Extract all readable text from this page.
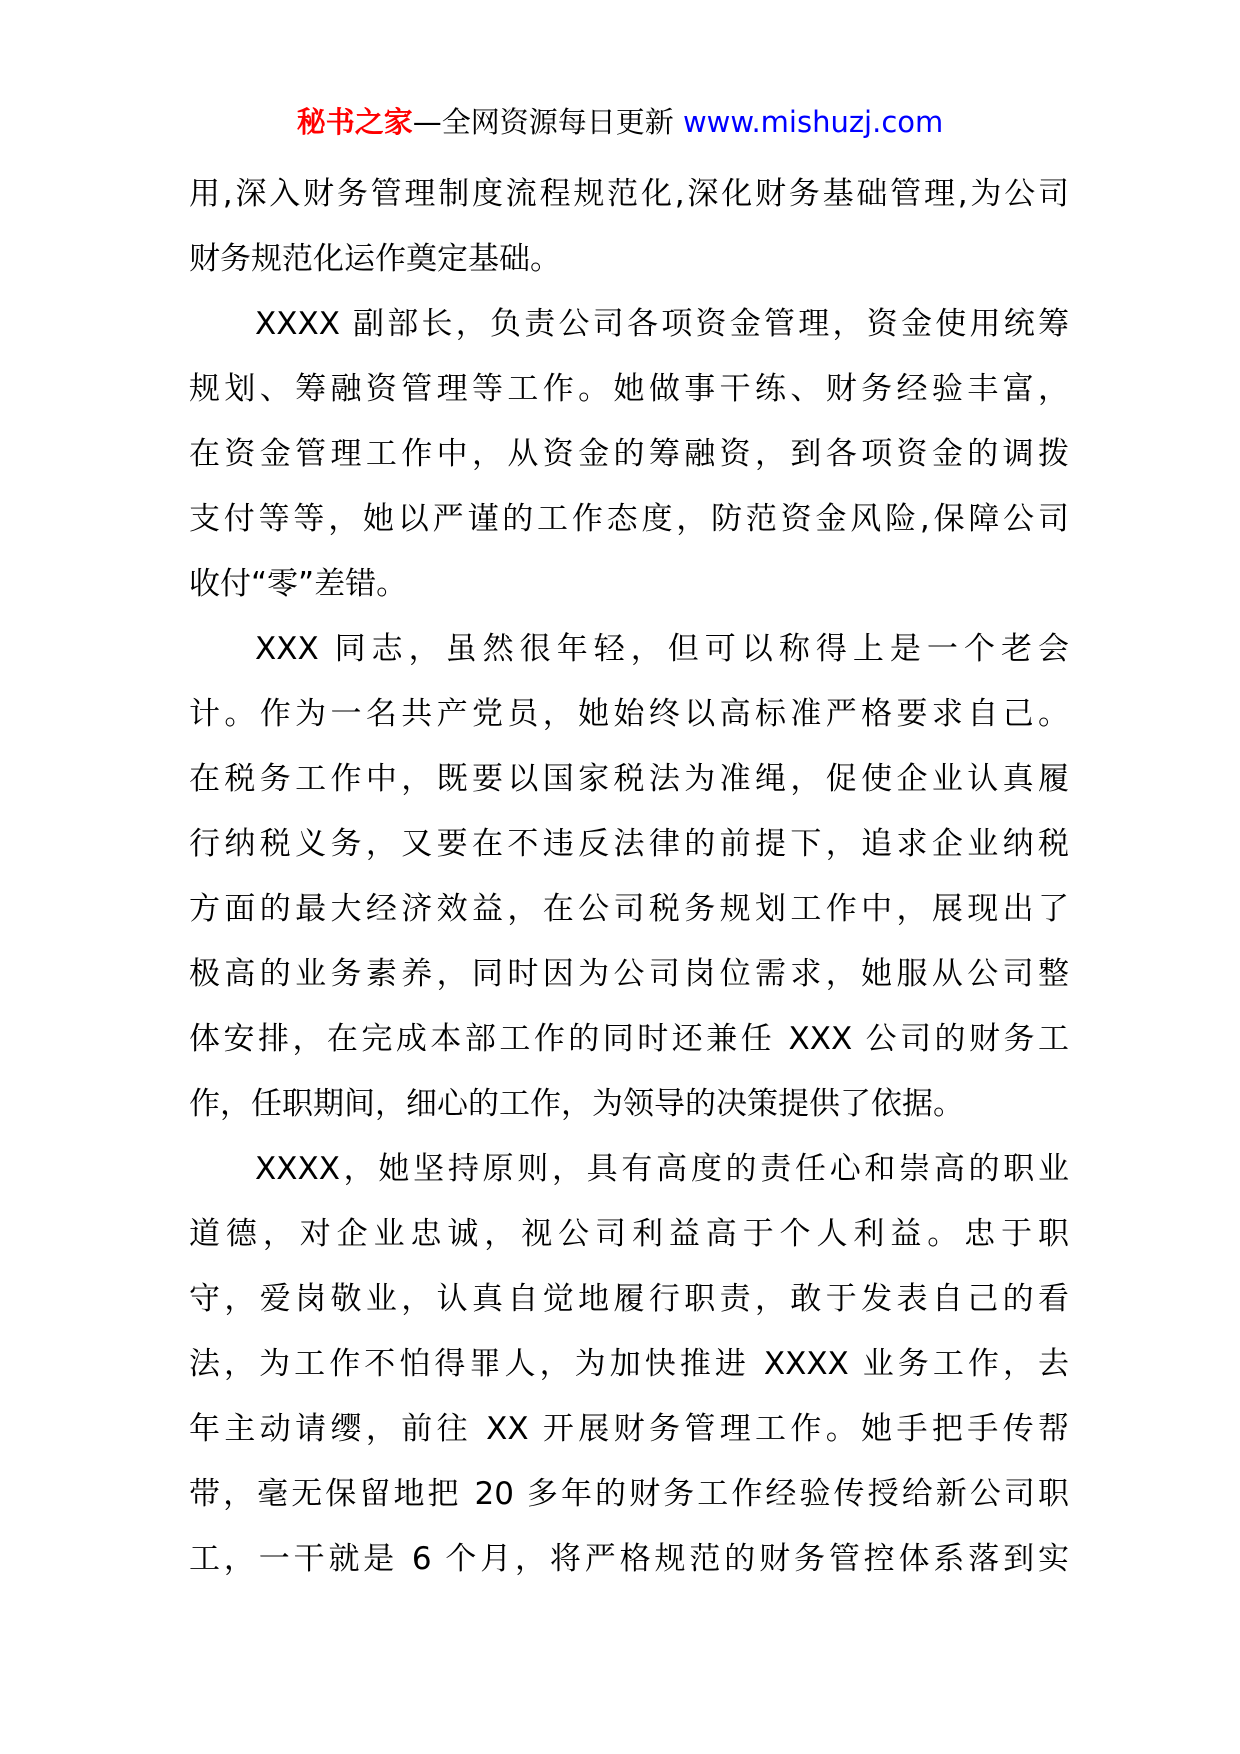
秘书之家—全网资源每日更新 www.mishuzj.com
用,深入财务管理制度流程规范化,深化财务基础管理,为公司
财务规范化运作奠定基础。
XXXX 副部长，负责公司各项资金管理，资金使用统筹
规划、筹融资管理等工作。她做事干练、财务经验丰富，
在资金管理工作中，从资金的筹融资，到各项资金的调拨
支付等等，她以严谨的工作态度，防范资金风险,保障公司
收付“零”差错。
XXX 同志，虽然很年轻，但可以称得上是一个老会
计。作为一名共产党员，她始终以高标准严格要求自己。
在税务工作中，既要以国家税法为准绳，促使企业认真履
行纳税义务，又要在不违反法律的前提下，追求企业纳税
方面的最大经济效益，在公司税务规划工作中，展现出了
极高的业务素养，同时因为公司岗位需求，她服从公司整
体安排，在完成本部工作的同时还兼任 XXX 公司的财务工
作，任职期间，细心的工作，为领导的决策提供了依据。
XXXX，她坚持原则，具有高度的责任心和崇高的职业
道德，对企业忠诚，视公司利益高于个人利益。忠于职
守，爱岗敬业，认真自觉地履行职责，敢于发表自己的看
法，为工作不怕得罪人，为加快推进 XXXX 业务工作，去
年主动请缨，前往 XX 开展财务管理工作。她手把手传帮
带，毫无保留地把 20 多年的财务工作经验传授给新公司职
工，一干就是 6 个月，将严格规范的财务管控体系落到实
